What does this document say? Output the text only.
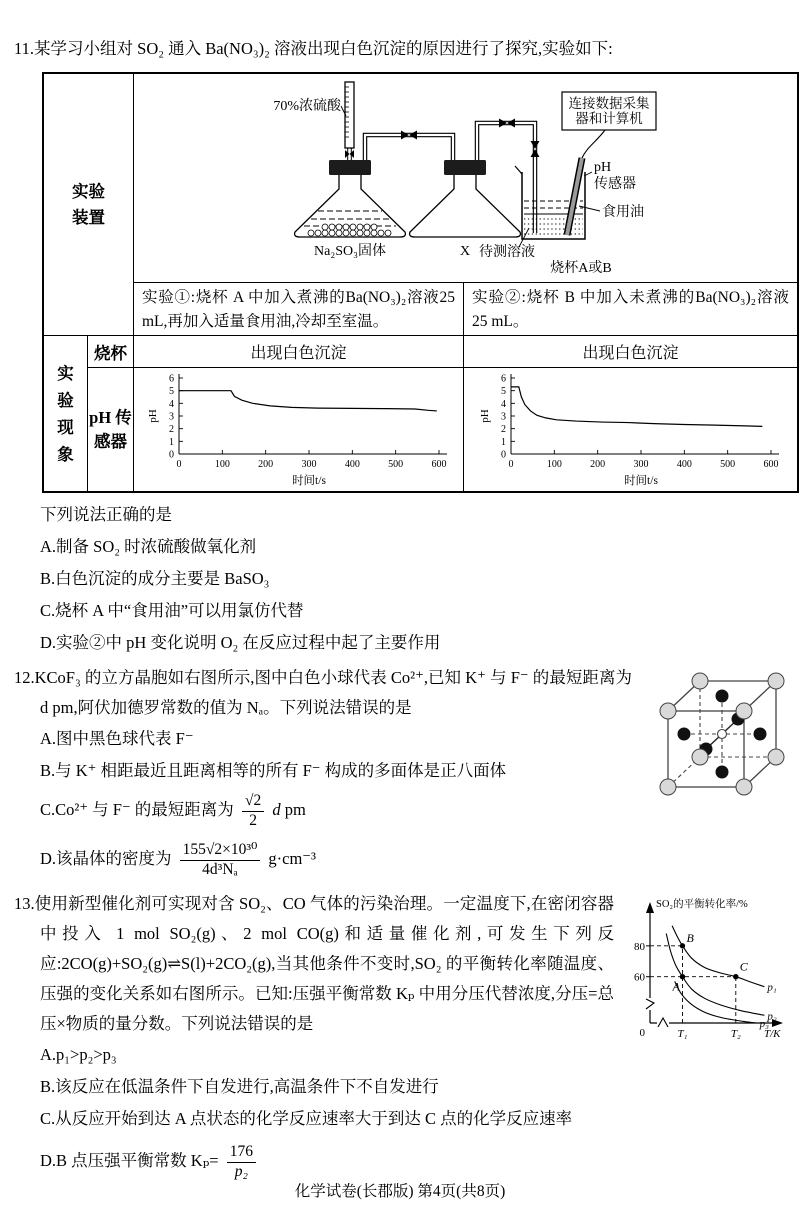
11.某学习小组对 SO₂ 通入 Ba(NO₃)₂ 溶液出现白色沉淀的原因进行了探究,实验如下:
实验装置
70%浓硫酸
Na₂SO₃固体	X
连接数据采集
器和计算机
pH
传感器
食用油
待测溶液
烧杯A或B
实验①:烧杯 A 中加入煮沸的Ba(NO₃)₂溶液25 mL,再加入适量食用油,冷却至室温。
实验②:烧杯 B 中加入未煮沸的Ba(NO₃)₂溶液 25 mL。
实验现象
烧杯	出现白色沉淀	出现白色沉淀
pH 传感器
0
1
2
3
4
5
6
0	100	200	300	400	500	600
时间t/s
pH
0
1
2
3
4
5
6
0	100	200	300	400	500	600
时间t/s
pH
下列说法正确的是
A.制备 SO₂ 时浓硫酸做氧化剂
B.白色沉淀的成分主要是 BaSO₃
C.烧杯 A 中“食用油”可以用氯仿代替
D.实验②中 pH 变化说明 O₂ 在反应过程中起了主要作用
12.KCoF₃ 的立方晶胞如右图所示,图中白色小球代表 Co²⁺,已知 K⁺ 与 F⁻ 的最短距离为 d pm,阿伏加德罗常数的值为 Nₐ。下列说法错误的是
A.图中黑色球代表 F⁻
B.与 K⁺ 相距最近且距离相等的所有 F⁻ 构成的多面体是正八面体
C.Co²⁺ 与 F⁻ 的最短距离为 $\frac{√2}{2}$ d pm
D.该晶体的密度为 $\frac{\text{155√2×10³⁰}}{\text{4d³Nₐ}} g\cdot cm^{-3}$
p₁
p₂
p₃
A
B
C
80
60
0	T₁	T₂ T/K
SO₂的平衡转化率/%
13.使用新型催化剂可实现对含 SO₂、CO 气体的污染治理。一定温度下,在密闭容器中投入 1 mol SO₂(g)、2 mol CO(g)和适量催化剂,可发生下列反应:2CO(g)+SO₂(g)⇌S(l)+2CO₂(g),当其他条件不变时,SO₂ 的平衡转化率随温度、压强的变化关系如右图所示。已知:压强平衡常数 Kₚ 中用分压代替浓度,分压=总压×物质的量分数。下列说法错误的是
A.p₁>p₂>p₃
B.该反应在低温条件下自发进行,高温条件下不自发进行
C.从反应开始到达 A 点状态的化学反应速率大于到达 C 点的化学反应速率
D.B 点压强平衡常数 $K_p= \frac{176}{\text{p₂}}$
化学试卷(长郡版) 第4页(共8页)
